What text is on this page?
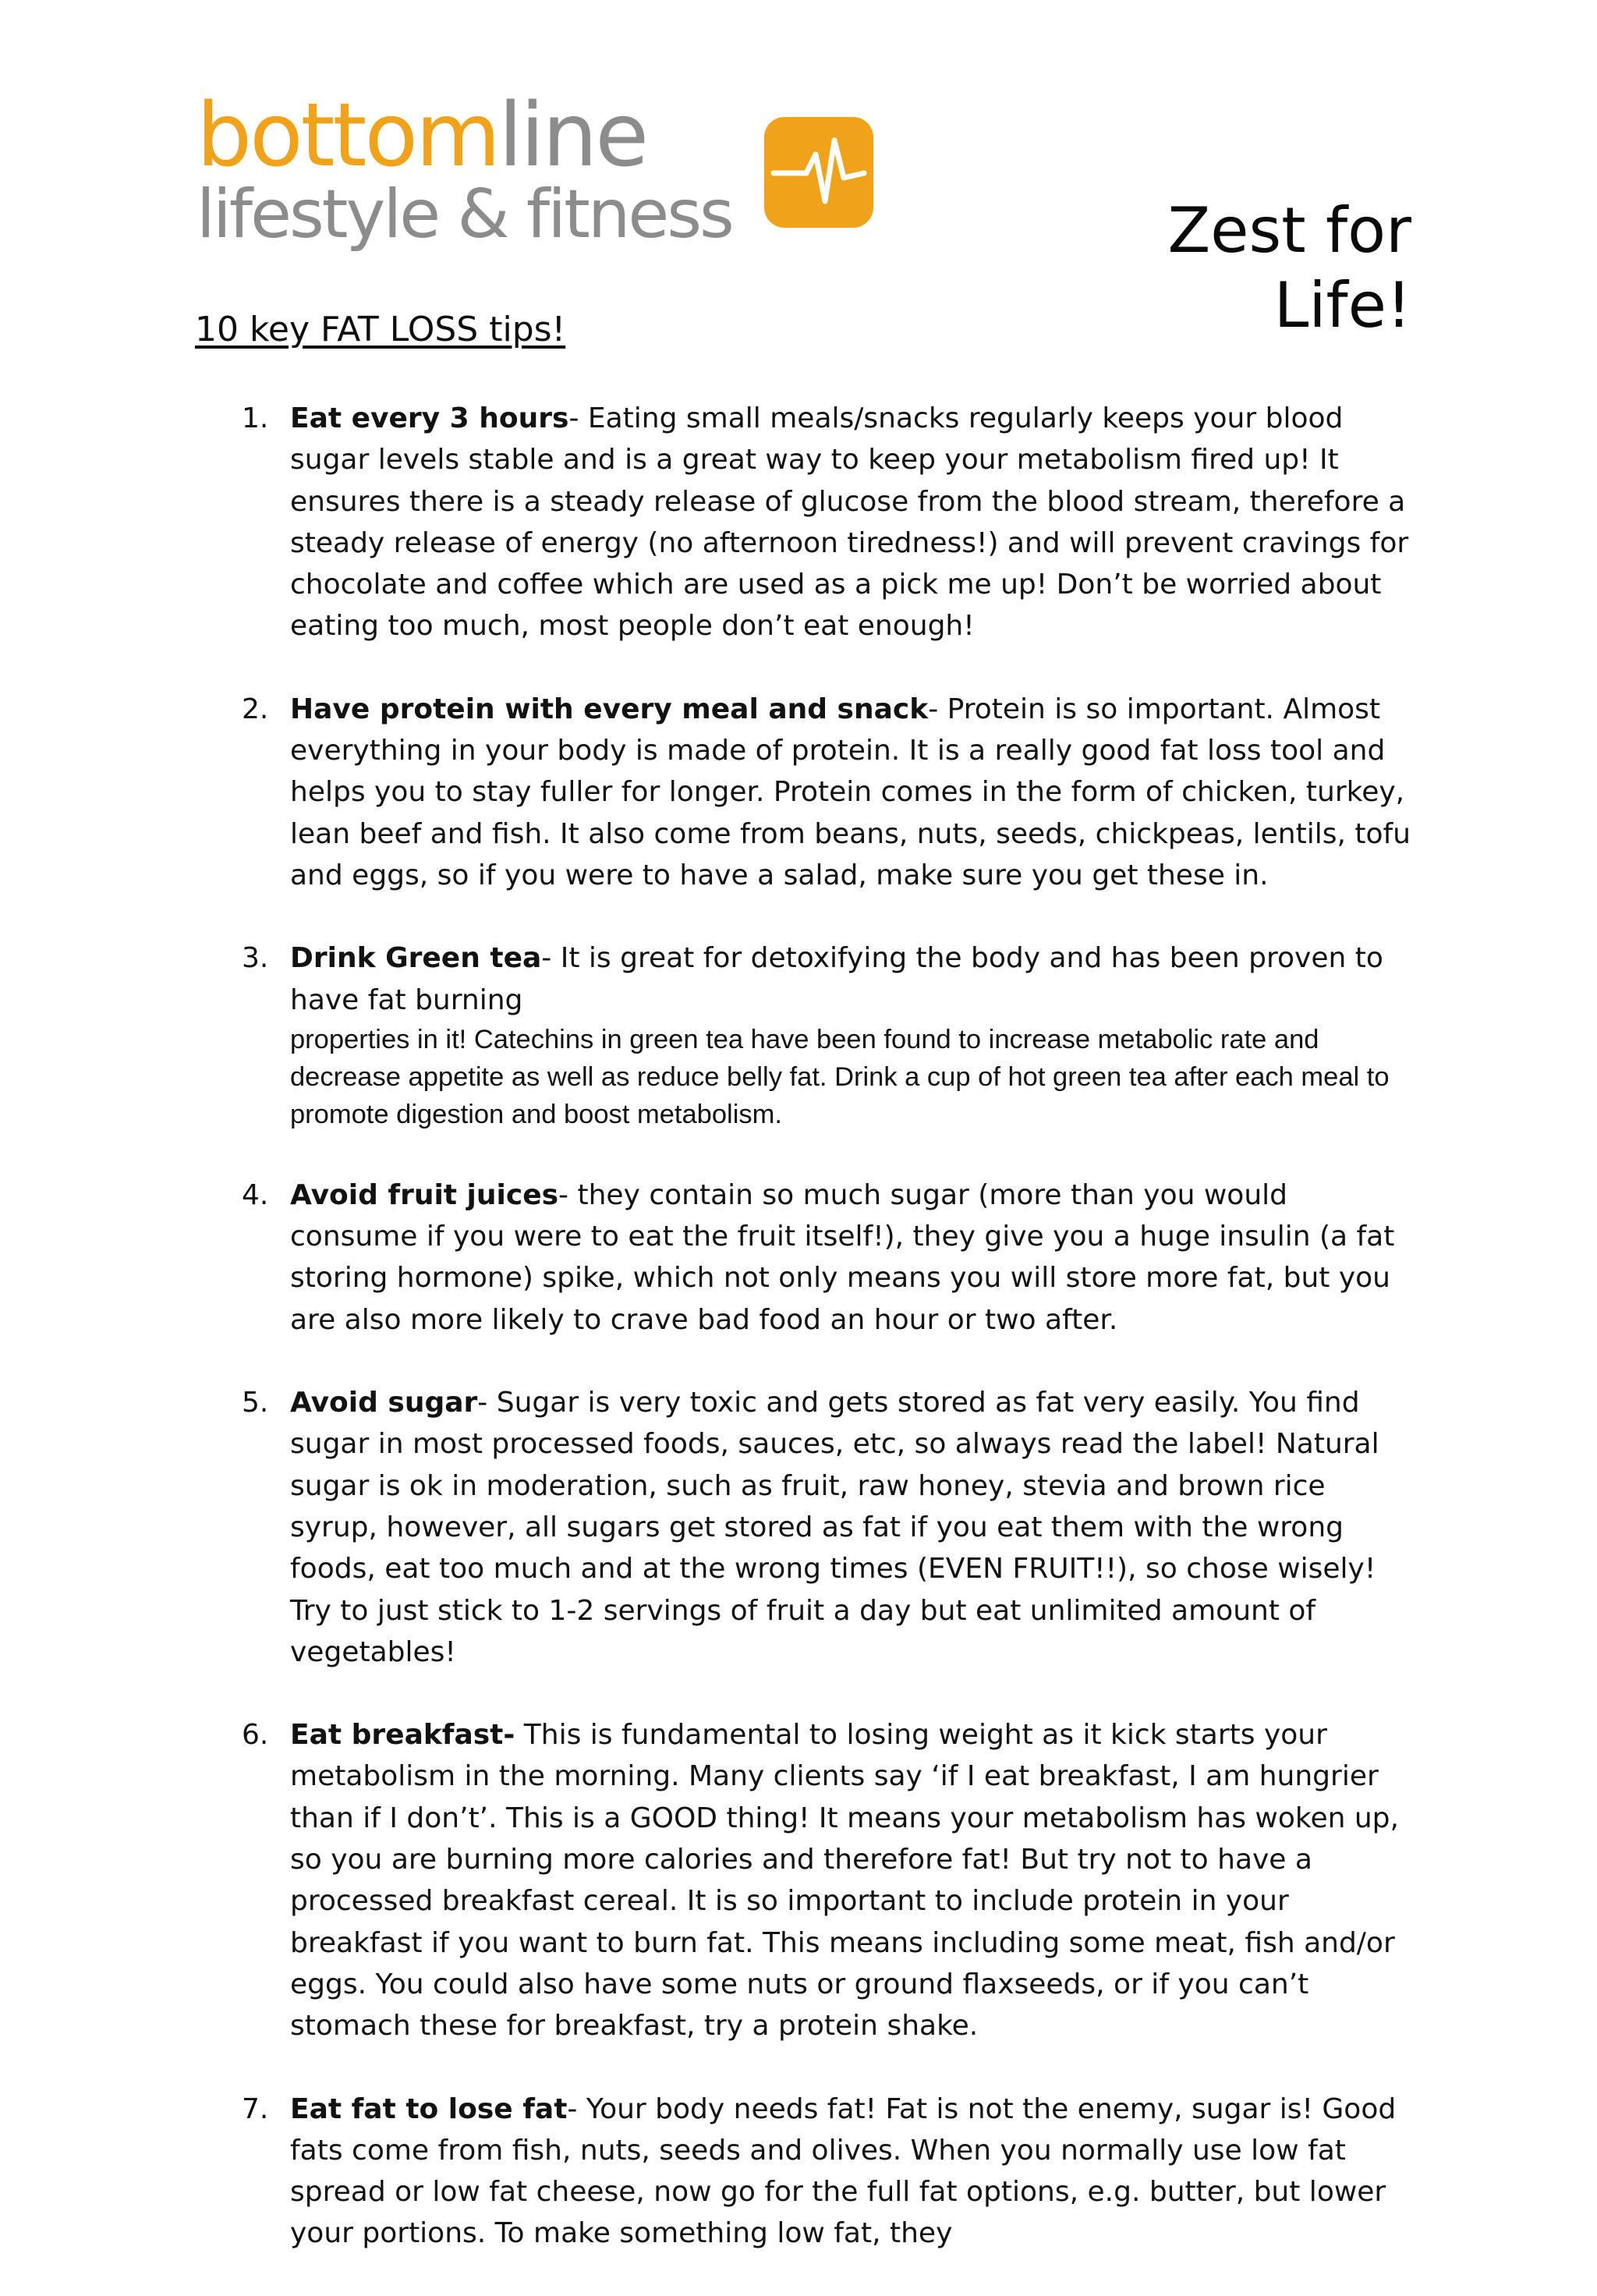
bottomline
lifestyle & fitness	Zest for Life!
10 key FAT LOSS tips!
1. Eat every 3 hours- Eating small meals/snacks regularly keeps your blood sugar levels stable and is a great way to keep your metabolism fired up! It ensures there is a steady release of glucose from the blood stream, therefore a steady release of energy (no afternoon tiredness!) and will prevent cravings for chocolate and coffee which are used as a pick me up! Don’t be worried about eating too much, most people don’t eat enough!
2. Have protein with every meal and snack- Protein is so important. Almost everything in your body is made of protein. It is a really good fat loss tool and helps you to stay fuller for longer. Protein comes in the form of chicken, turkey, lean beef and fish. It also come from beans, nuts, seeds, chickpeas, lentils, tofu and eggs, so if you were to have a salad, make sure you get these in.
3. Drink Green tea- It is great for detoxifying the body and has been proven to have fat burning
properties in it! Catechins in green tea have been found to increase metabolic rate and decrease appetite as well as reduce belly fat. Drink a cup of hot green tea after each meal to promote digestion and boost metabolism.
4. Avoid fruit juices- they contain so much sugar (more than you would consume if you were to eat the fruit itself!), they give you a huge insulin (a fat storing hormone) spike, which not only means you will store more fat, but you are also more likely to crave bad food an hour or two after.
5. Avoid sugar- Sugar is very toxic and gets stored as fat very easily. You find sugar in most processed foods, sauces, etc, so always read the label! Natural sugar is ok in moderation, such as fruit, raw honey, stevia and brown rice syrup, however, all sugars get stored as fat if you eat them with the wrong foods, eat too much and at the wrong times (EVEN FRUIT!!), so chose wisely! Try to just stick to 1-2 servings of fruit a day but eat unlimited amount of vegetables!
6. Eat breakfast- This is fundamental to losing weight as it kick starts your metabolism in the morning. Many clients say ‘if I eat breakfast, I am hungrier than if I don’t’. This is a GOOD thing! It means your metabolism has woken up, so you are burning more calories and therefore fat! But try not to have a processed breakfast cereal. It is so important to include protein in your breakfast if you want to burn fat. This means including some meat, fish and/or eggs. You could also have some nuts or ground flaxseeds, or if you can’t stomach these for breakfast, try a protein shake.
7. Eat fat to lose fat- Your body needs fat! Fat is not the enemy, sugar is! Good fats come from fish, nuts, seeds and olives. When you normally use low fat spread or low fat cheese, now go for the full fat options, e.g. butter, but lower your portions. To make something low fat, they
